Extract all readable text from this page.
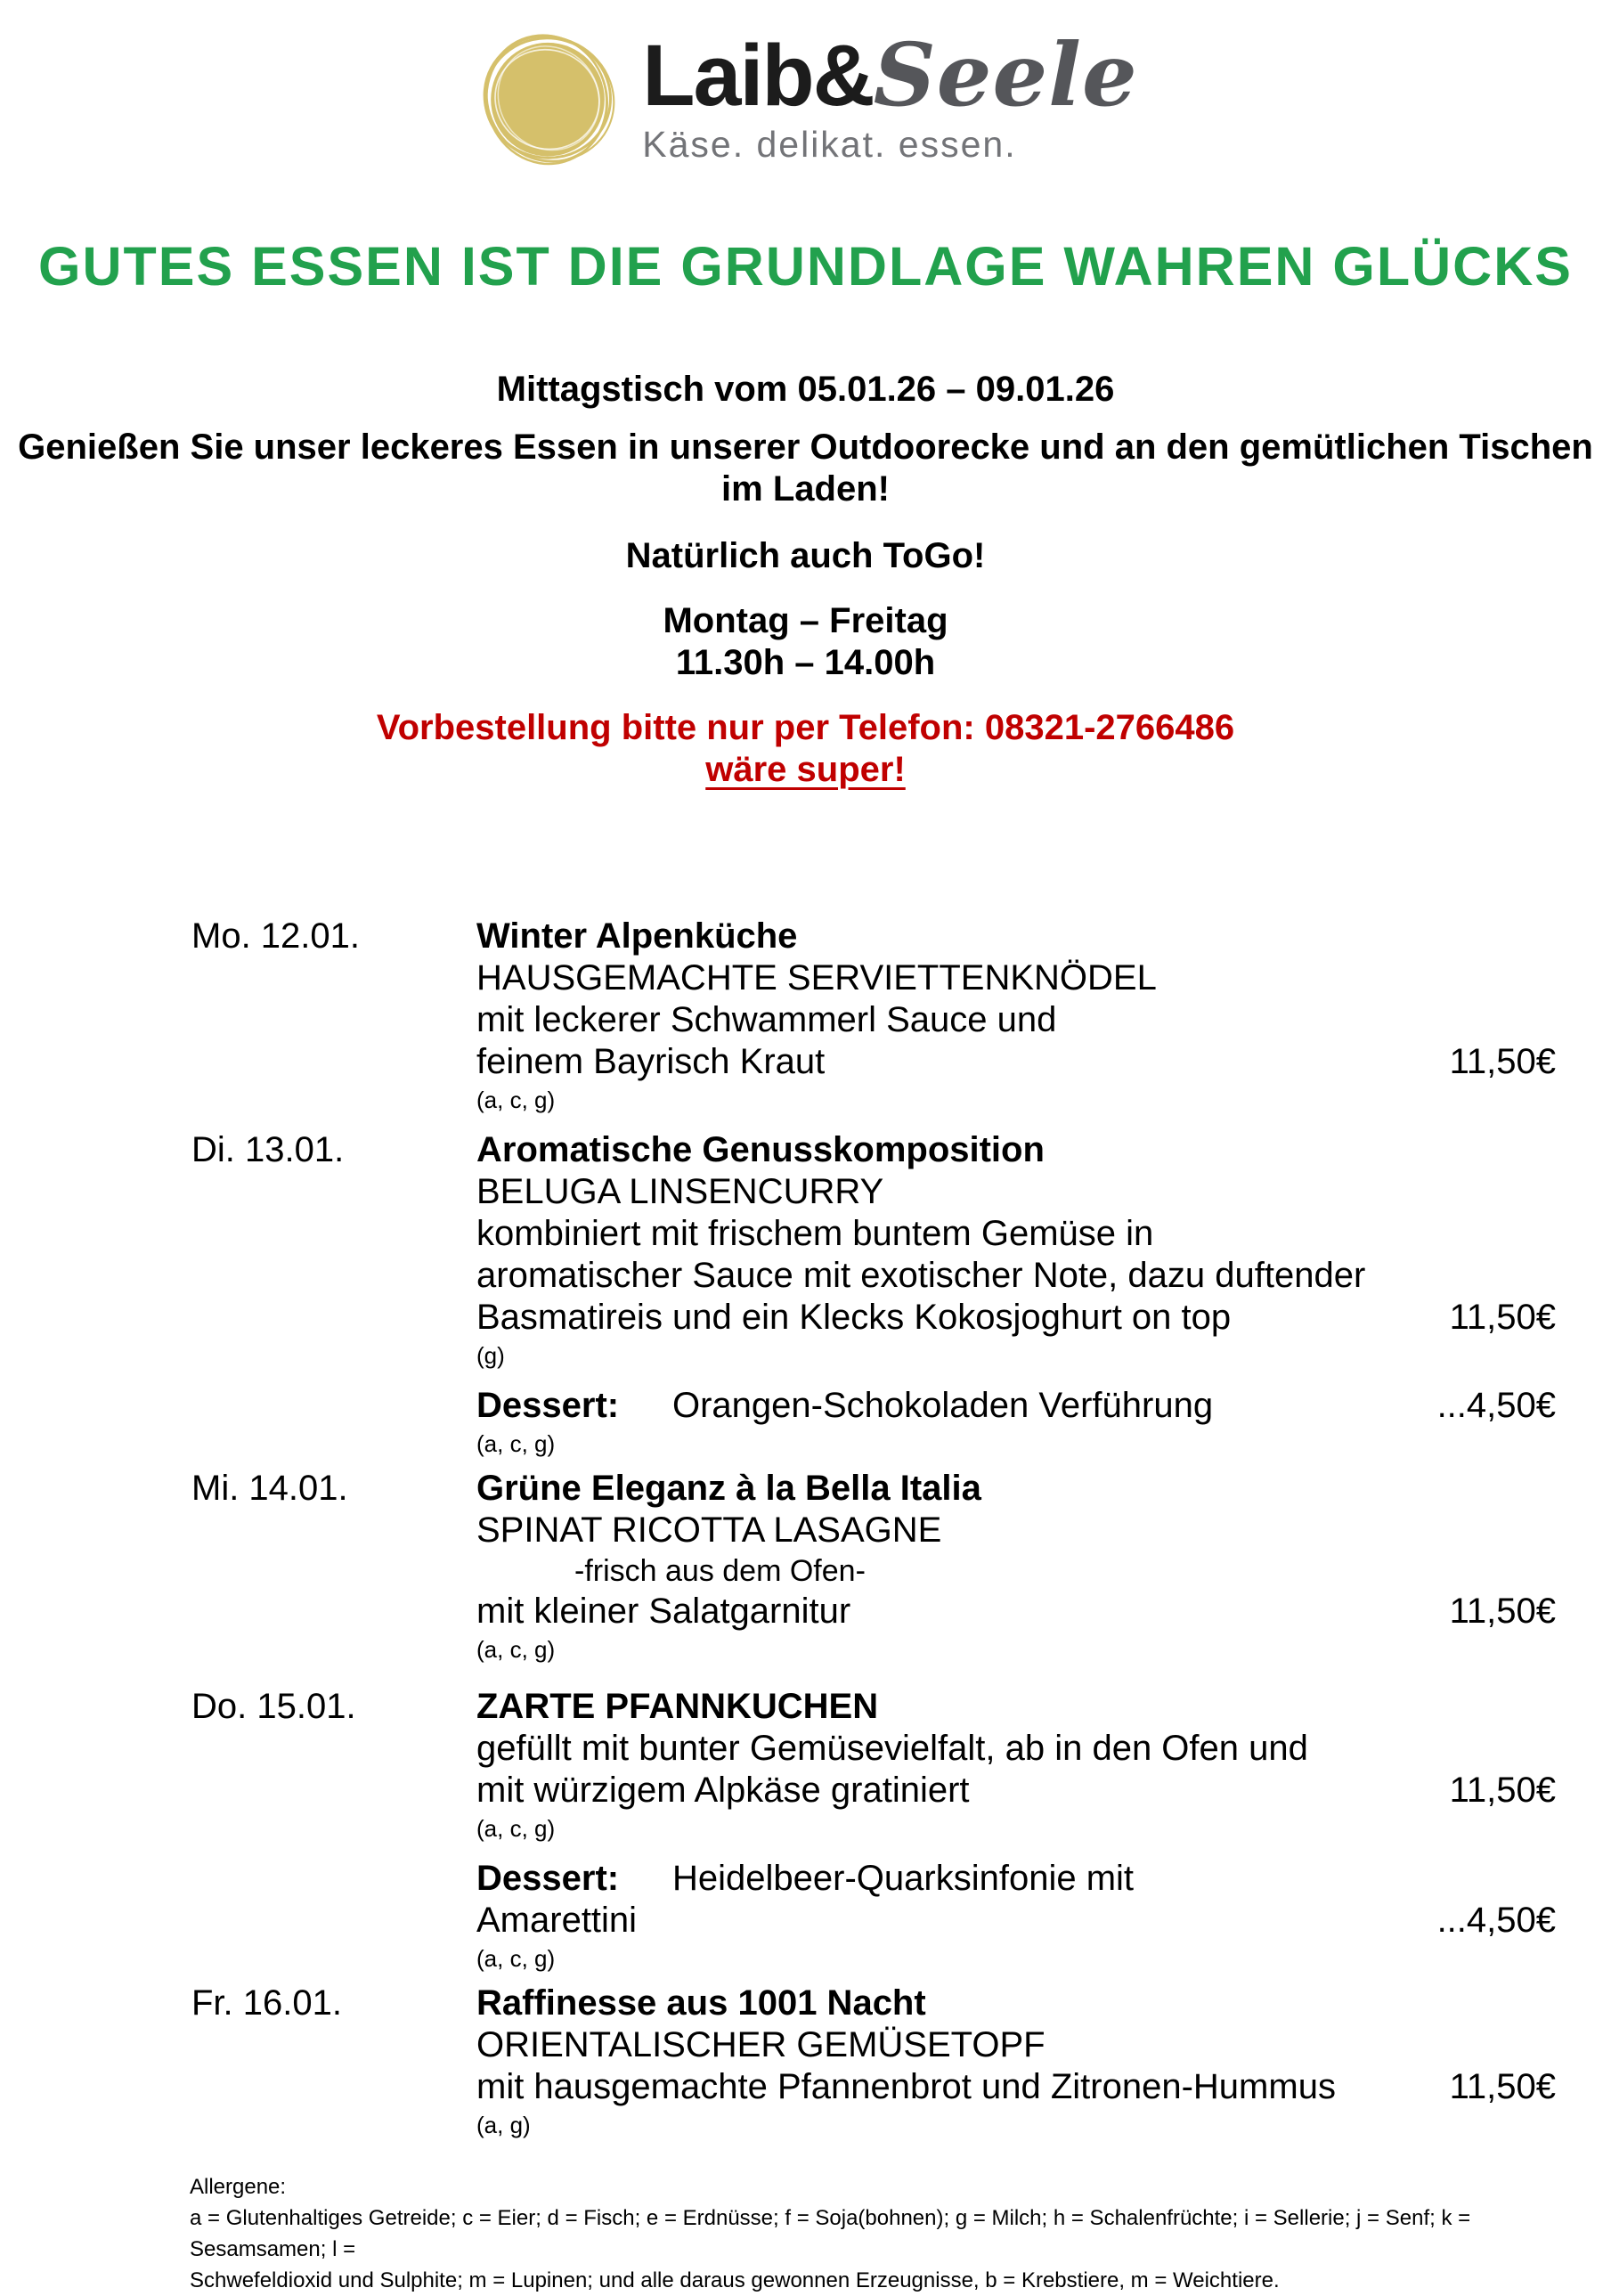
Laib&Seele
Käse. delikat. essen.
GUTES ESSEN IST DIE GRUNDLAGE WAHREN GLÜCKS
Mittagstisch vom 05.01.26 – 09.01.26
Genießen Sie unser leckeres Essen in unserer Outdoorecke und an den gemütlichen Tischen
im Laden!
Natürlich auch ToGo!
Montag – Freitag
11.30h – 14.00h
Vorbestellung bitte nur per Telefon: 08321-2766486
wäre super!
Mo. 12.01.	Winter Alpenküche
HAUSGEMACHTE SERVIETTENKNÖDEL
mit leckerer Schwammerl Sauce und
feinem Bayrisch Kraut	11,50€
(a, c, g)
Di. 13.01.	Aromatische Genusskomposition
BELUGA LINSENCURRY
kombiniert mit frischem buntem Gemüse in
aromatischer Sauce mit exotischer Note, dazu duftender
Basmatireis und ein Klecks Kokosjoghurt on top	11,50€
(g)
Dessert:	Orangen-Schokoladen Verführung	...4,50€
(a, c, g)
Mi. 14.01.	Grüne Eleganz à la Bella Italia
SPINAT RICOTTA LASAGNE
-frisch aus dem Ofen-
mit kleiner Salatgarnitur	11,50€
(a, c, g)
Do. 15.01.	ZARTE PFANNKUCHEN
gefüllt mit bunter Gemüsevielfalt, ab in den Ofen und
mit würzigem Alpkäse gratiniert	11,50€
(a, c, g)
Dessert:	Heidelbeer-Quarksinfonie mit
Amarettini	...4,50€
(a, c, g)
Fr. 16.01.	Raffinesse aus 1001 Nacht
ORIENTALISCHER GEMÜSETOPF
mit hausgemachte Pfannenbrot und Zitronen-Hummus	11,50€
(a, g)
Allergene:
a = Glutenhaltiges Getreide; c = Eier; d = Fisch; e = Erdnüsse; f = Soja(bohnen); g = Milch; h = Schalenfrüchte; i = Sellerie; j = Senf; k = Sesamsamen; l =
Schwefeldioxid und Sulphite; m = Lupinen; und alle daraus gewonnen Erzeugnisse, b = Krebstiere, m = Weichtiere.
